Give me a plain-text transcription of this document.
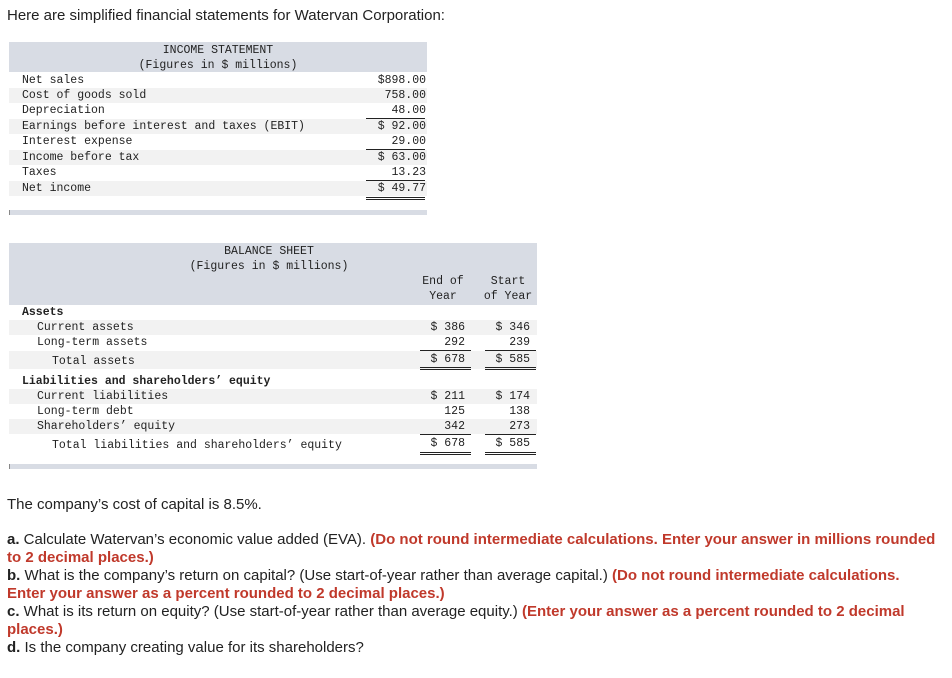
Here are simplified financial statements for Watervan Corporation:
INCOME STATEMENT
(Figures in $ millions)
Net sales	$898.00
Cost of goods sold	758.00
Depreciation	48.00
Earnings before interest and taxes (EBIT)	$ 92.00
Interest expense	29.00
Income before tax	$ 63.00
Taxes	13.23
Net income	$ 49.77
BALANCE SHEET
(Figures in $ millions)
End of
Year
Start
of Year
Assets
Current assets	$ 386	$ 346
Long-term assets	292	239
Total assets	$ 678	$ 585
Liabilities and shareholders’ equity
Current liabilities	$ 211	$ 174
Long-term debt	125	138
Shareholders’ equity	342	273
Total liabilities and shareholders’ equity	$ 678	$ 585
The company’s cost of capital is 8.5%.
a. Calculate Watervan’s economic value added (EVA). (Do not round intermediate calculations. Enter your answer in millions rounded to 2 decimal places.)
b. What is the company’s return on capital? (Use start-of-year rather than average capital.) (Do not round intermediate calculations. Enter your answer as a percent rounded to 2 decimal places.)
c. What is its return on equity? (Use start-of-year rather than average equity.) (Enter your answer as a percent rounded to 2 decimal places.)
d. Is the company creating value for its shareholders?
